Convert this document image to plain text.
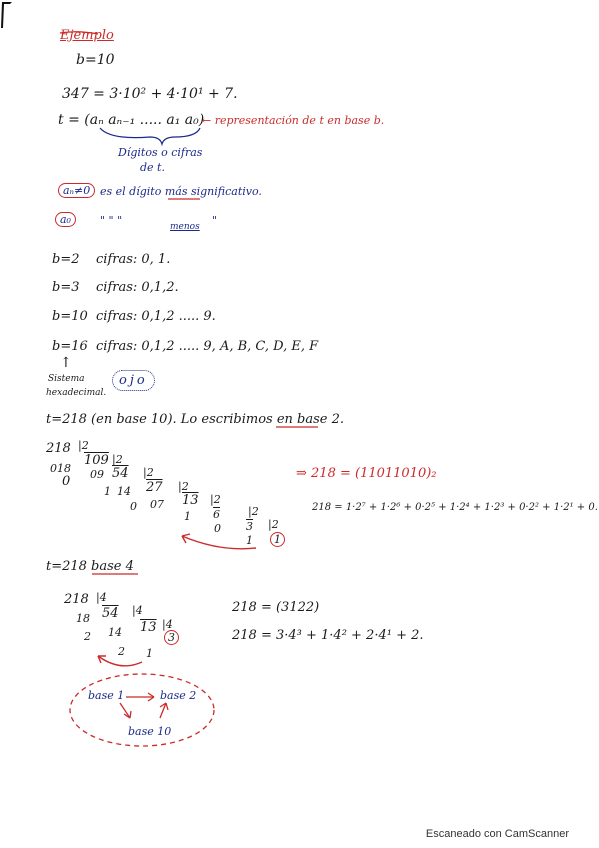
Ejemplo
b=10
347 = 3·10² + 4·10¹ + 7.
t = (aₙ aₙ₋₁ ..... a₁ a₀)
← representación de t en base b.
Dígitos o cifras
de t.
aₙ≠0 es el dígito más significativo.
a₀	" " "	menos "
b=2 cifras: 0, 1.
b=3 cifras: 0,1,2.
b=10 cifras: 0,1,2 ..... 9.
b=16 cifras: 0,1,2 ..... 9, A, B, C, D, E, F
↑
Sistema
hexadecimal.
ojo
t=218 (en base 10). Lo escribimos en base 2.
218 |2
109 |2
018 09 54 |2
0
1 14 27 |2
0 07 13 |2
1 6	|2
0 3 |2
1	1
⇒ 218 = (11011010)₂
218 = 1·2⁷ + 1·2⁶ + 0·2⁵ + 1·2⁴ + 1·2³ + 0·2² + 1·2¹ + 0.
t=218 base 4
218 |4
54 |4
18
2 14 13 |4
3
2 1
218 = (3122)
218 = 3·4³ + 1·4² + 2·4¹ + 2.
base 1	base 2
base 10
Escaneado con CamScanner
